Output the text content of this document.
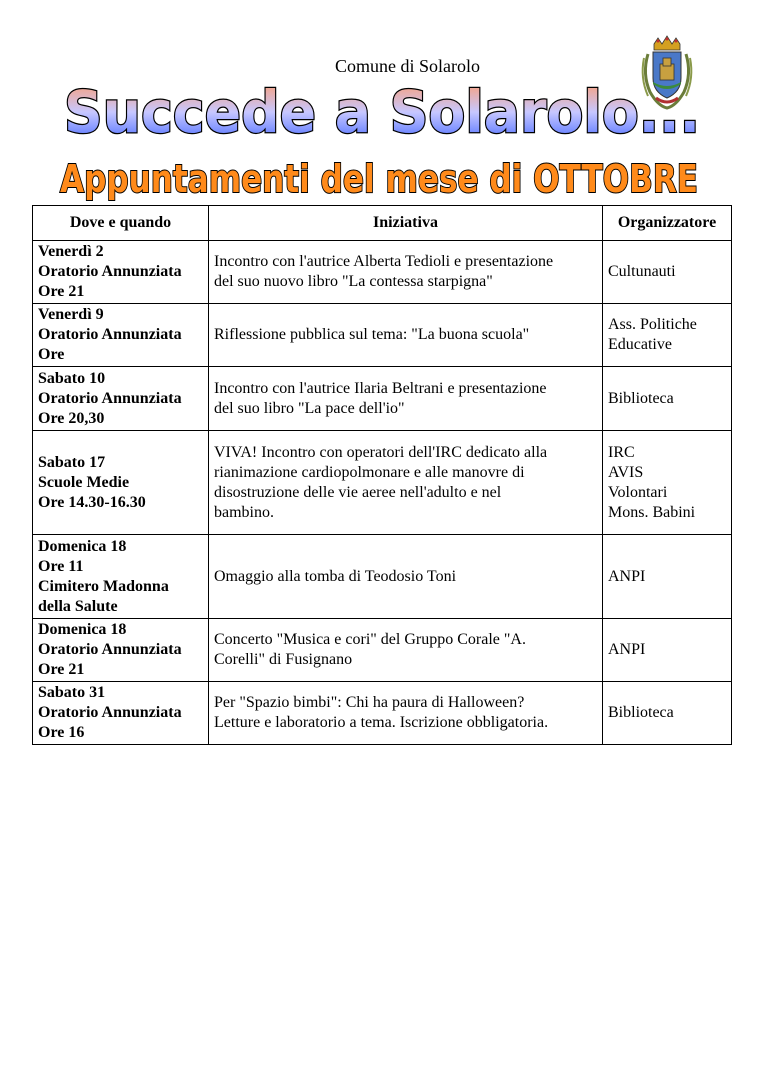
Comune di Solarolo
Succede a Solarolo...
Appuntamenti del mese di OTTOBRE
Dove e quando	Iniziativa	Organizzatore

Venerdì 2
Oratorio Annunziata
Ore 21	Incontro con l'autrice Alberta Tedioli e presentazione
del suo nuovo libro "La contessa starpigna"	Cultunauti

Venerdì 9
Oratorio Annunziata
Ore	Riflessione pubblica sul tema: "La buona scuola"	Ass. Politiche
Educative

Sabato 10
Oratorio Annunziata
Ore 20,30	Incontro con l'autrice Ilaria Beltrani e presentazione
del suo libro "La pace dell'io"	Biblioteca

Sabato 17
Scuole Medie
Ore 14.30-16.30	VIVA! Incontro con operatori dell'IRC dedicato alla
rianimazione cardiopolmonare e alle manovre di
disostruzione delle vie aeree nell'adulto e nel
bambino.	IRC
AVIS
Volontari
Mons. Babini

Domenica 18
Ore 11
Cimitero Madonna
della Salute	Omaggio alla tomba di Teodosio Toni	ANPI

Domenica 18
Oratorio Annunziata
Ore 21	Concerto "Musica e cori" del Gruppo Corale "A.
Corelli" di Fusignano	ANPI

Sabato 31
Oratorio Annunziata
Ore 16	Per "Spazio bimbi": Chi ha paura di Halloween?
Letture e laboratorio a tema. Iscrizione obbligatoria.	Biblioteca
